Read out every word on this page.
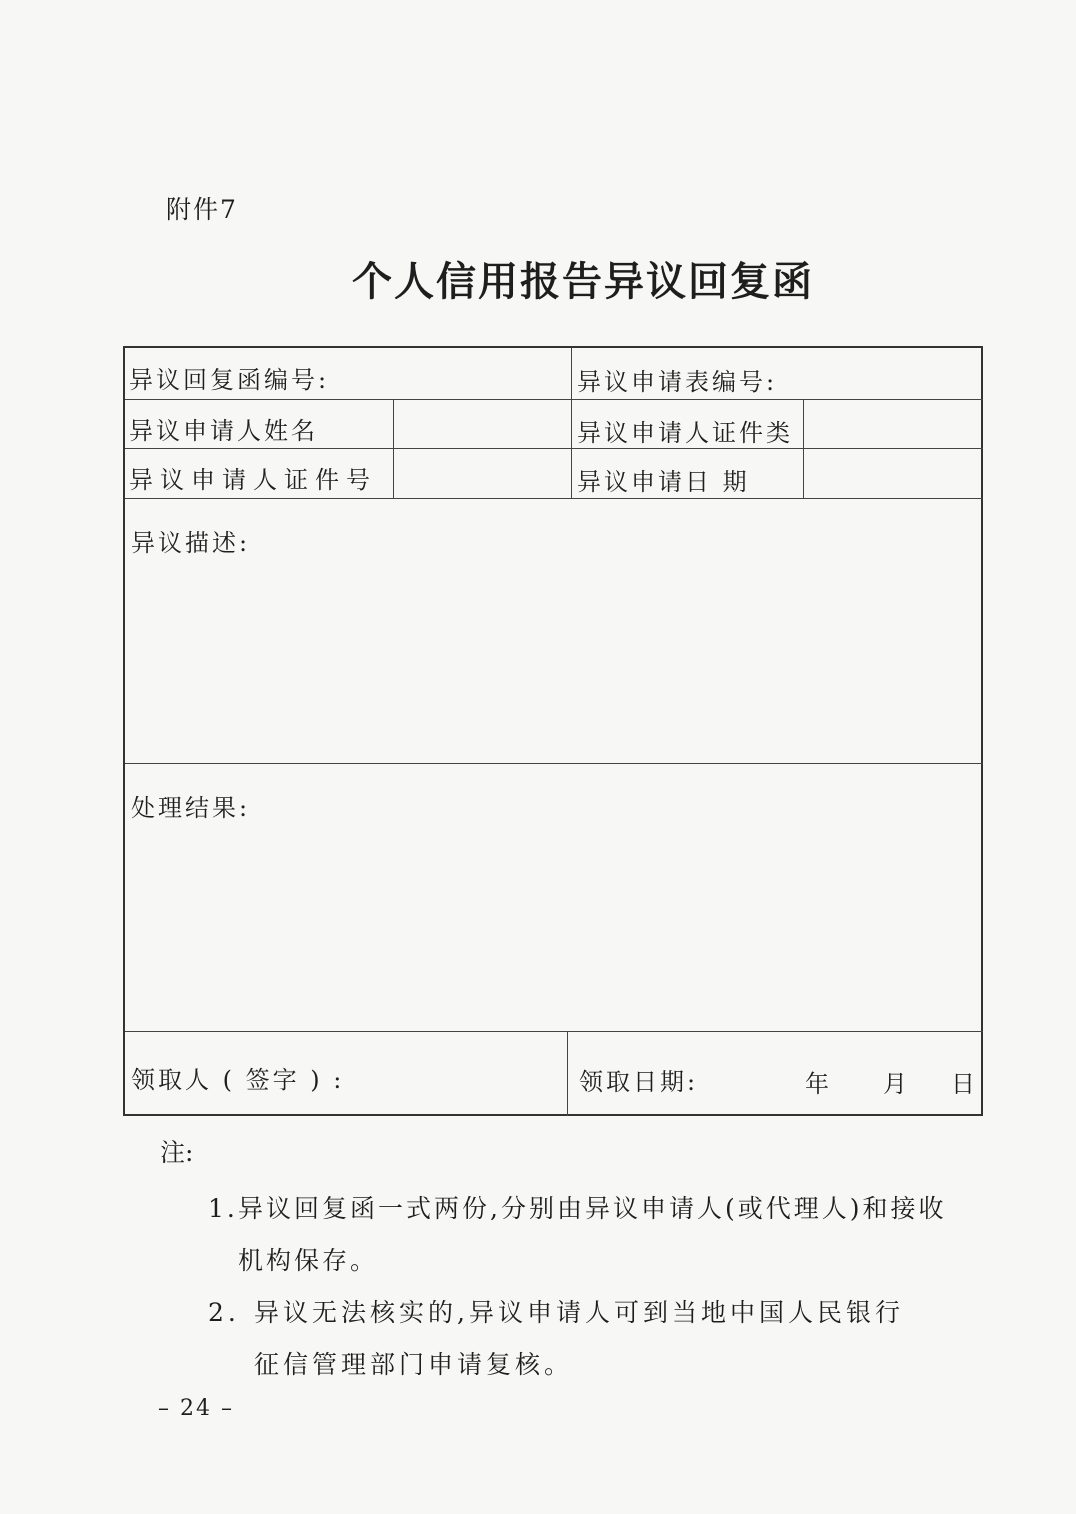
附件7
个人信用报告异议回复函
异议回复函编号:	异议申请表编号:
异议申请人姓名	异议申请人证件类
异议申请人证件号	异议申请日 期
异议描述:
处理结果:
领取人 ( 签字 ) :	领取日期:	年 月 日
注:
1. 异议回复函一式两份,分别由异议申请人(或代理人)和接收
机构保存。
2. 异议无法核实的,异议申请人可到当地中国人民银行
征信管理部门申请复核。
– 24 –
